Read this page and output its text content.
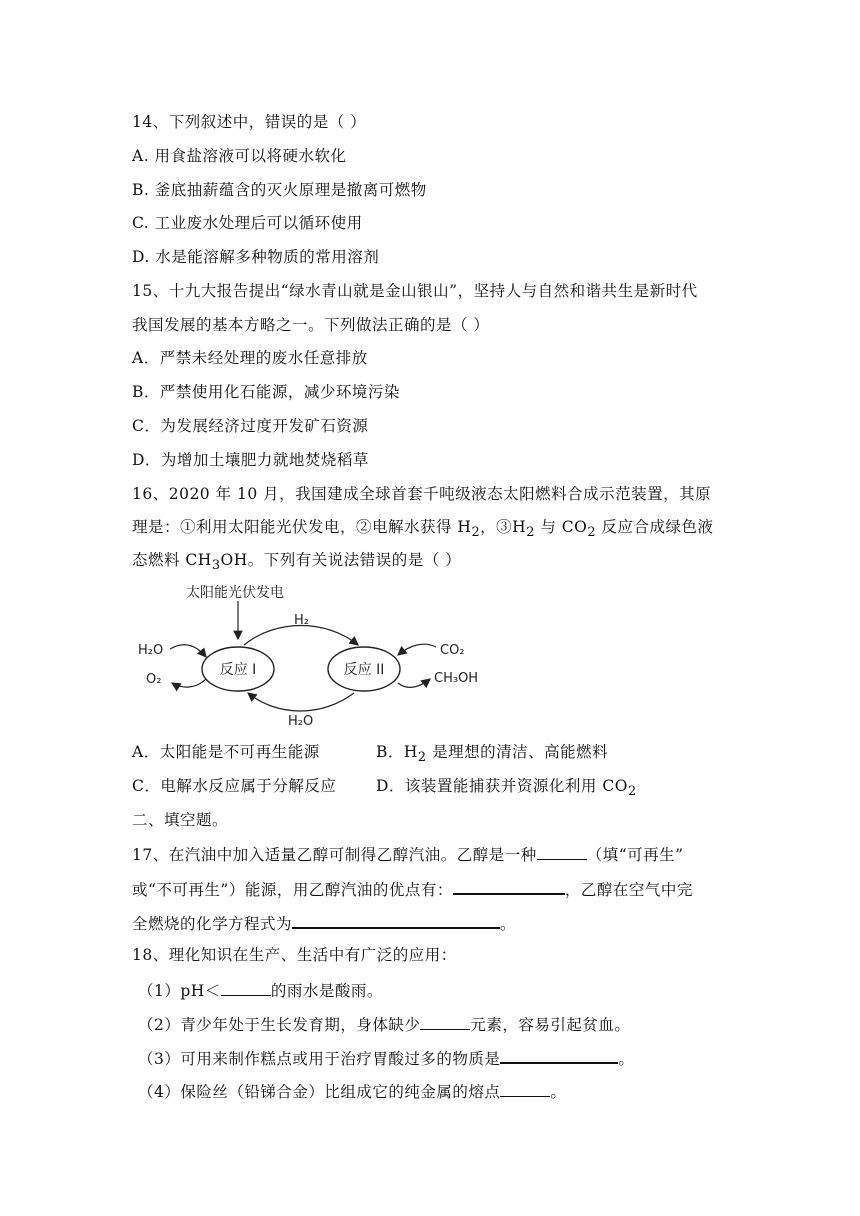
14、下列叙述中，错误的是（ ）
A. 用食盐溶液可以将硬水软化
B. 釜底抽薪蕴含的灭火原理是撤离可燃物
C. 工业废水处理后可以循环使用
D. 水是能溶解多种物质的常用溶剂
15、十九大报告提出“绿水青山就是金山银山”，坚持人与自然和谐共生是新时代
我国发展的基本方略之一。下列做法正确的是（ ）
A．严禁未经处理的废水任意排放
B．严禁使用化石能源，减少环境污染
C．为发展经济过度开发矿石资源
D．为增加土壤肥力就地焚烧稻草
16、2020 年 10 月，我国建成全球首套千吨级液态太阳燃料合成示范装置，其原
理是：①利用太阳能光伏发电，②电解水获得 $H_2$，$③H_2$ 与 $CO_2$ 反应合成绿色液
态燃料 $CH_3OH$。下列有关说法错误的是（ ）
太阳能光伏发电
反应 I	反应 II
H₂
H₂O
H₂O
O₂
CO₂
CH₃OH
A．太阳能是不可再生能源	B．$H_2$ 是理想的清洁、高能燃料
C．电解水反应属于分解反应	D．该装置能捕获并资源化利用 $CO_2$
二、填空题。
17、在汽油中加入适量乙醇可制得乙醇汽油。乙醇是一种	（填“可再生”
或“不可再生”）能源，用乙醇汽油的优点有：	，乙醇在空气中完
全燃烧的化学方程式为	。
18、理化知识在生产、生活中有广泛的应用：
（1）pH＜	的雨水是酸雨。
（2）青少年处于生长发育期，身体缺少	元素，容易引起贫血。
（3）可用来制作糕点或用于治疗胃酸过多的物质是	。
（4）保险丝（铅锑合金）比组成它的纯金属的熔点	。
